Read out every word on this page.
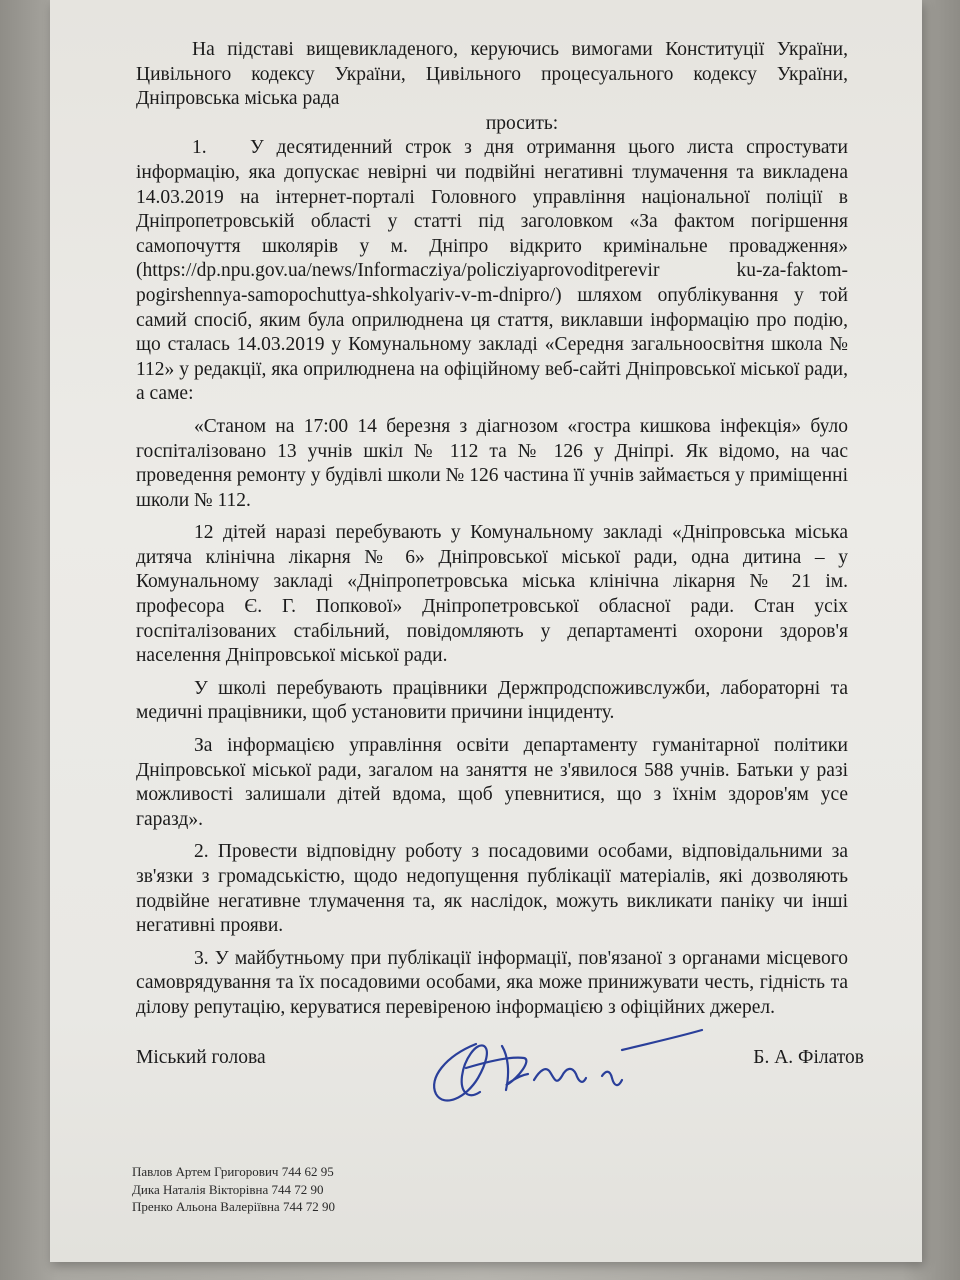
На підставі вищевикладеного, керуючись вимогами Конституції України, Цивільного кодексу України, Цивільного процесуального кодексу України, Дніпровська міська рада

просить:

1. У десятиденний строк з дня отримання цього листа спростувати інформацію, яка допускає невірні чи подвійні негативні тлумачення та викладена 14.03.2019 на інтернет-порталі Головного управління національної поліції в Дніпропетровській області у статті під заголовком «За фактом погіршення самопочуття школярів у м. Дніпро відкрито кримінальне провадження» (https://dp.npu.gov.ua/news/Informacziya/policziyaprovoditperevir ku-za-faktom-pogirshennya-samopochuttya-shkolyariv-v-m-dnipro/) шляхом опублікування у той самий спосіб, яким була оприлюднена ця стаття, виклавши інформацію про подію, що сталась 14.03.2019 у Комунальному закладі «Середня загальноосвітня школа № 112» у редакції, яка оприлюднена на офіційному веб-сайті Дніпровської міської ради, а саме:

«Станом на 17:00 14 березня з діагнозом «гостра кишкова інфекція» було госпіталізовано 13 учнів шкіл № 112 та № 126 у Дніпрі. Як відомо, на час проведення ремонту у будівлі школи № 126 частина її учнів займається у приміщенні школи № 112.

12 дітей наразі перебувають у Комунальному закладі «Дніпровська міська дитяча клінічна лікарня № 6» Дніпровської міської ради, одна дитина – у Комунальному закладі «Дніпропетровська міська клінічна лікарня № 21 ім. професора Є. Г. Попкової» Дніпропетровської обласної ради. Стан усіх госпіталізованих стабільний, повідомляють у департаменті охорони здоров'я населення Дніпровської міської ради.

У школі перебувають працівники Держпродспоживслужби, лабораторні та медичні працівники, щоб установити причини інциденту.

За інформацією управління освіти департаменту гуманітарної політики Дніпровської міської ради, загалом на заняття не з'явилося 588 учнів. Батьки у разі можливості залишали дітей вдома, щоб упевнитися, що з їхнім здоров'ям усе гаразд».

2. Провести відповідну роботу з посадовими особами, відповідальними за зв'язки з громадськістю, щодо недопущення публікації матеріалів, які дозволяють подвійне негативне тлумачення та, як наслідок, можуть викликати паніку чи інші негативні прояви.

3. У майбутньому при публікації інформації, пов'язаної з органами місцевого самоврядування та їх посадовими особами, яка може принижувати честь, гідність та ділову репутацію, керуватися перевіреною інформацією з офіційних джерел.

Міський голова	Б. А. Філатов
Павлов Артем Григорович 744 62 95
Дика Наталія Вікторівна 744 72 90
Пренко Альона Валеріївна 744 72 90
